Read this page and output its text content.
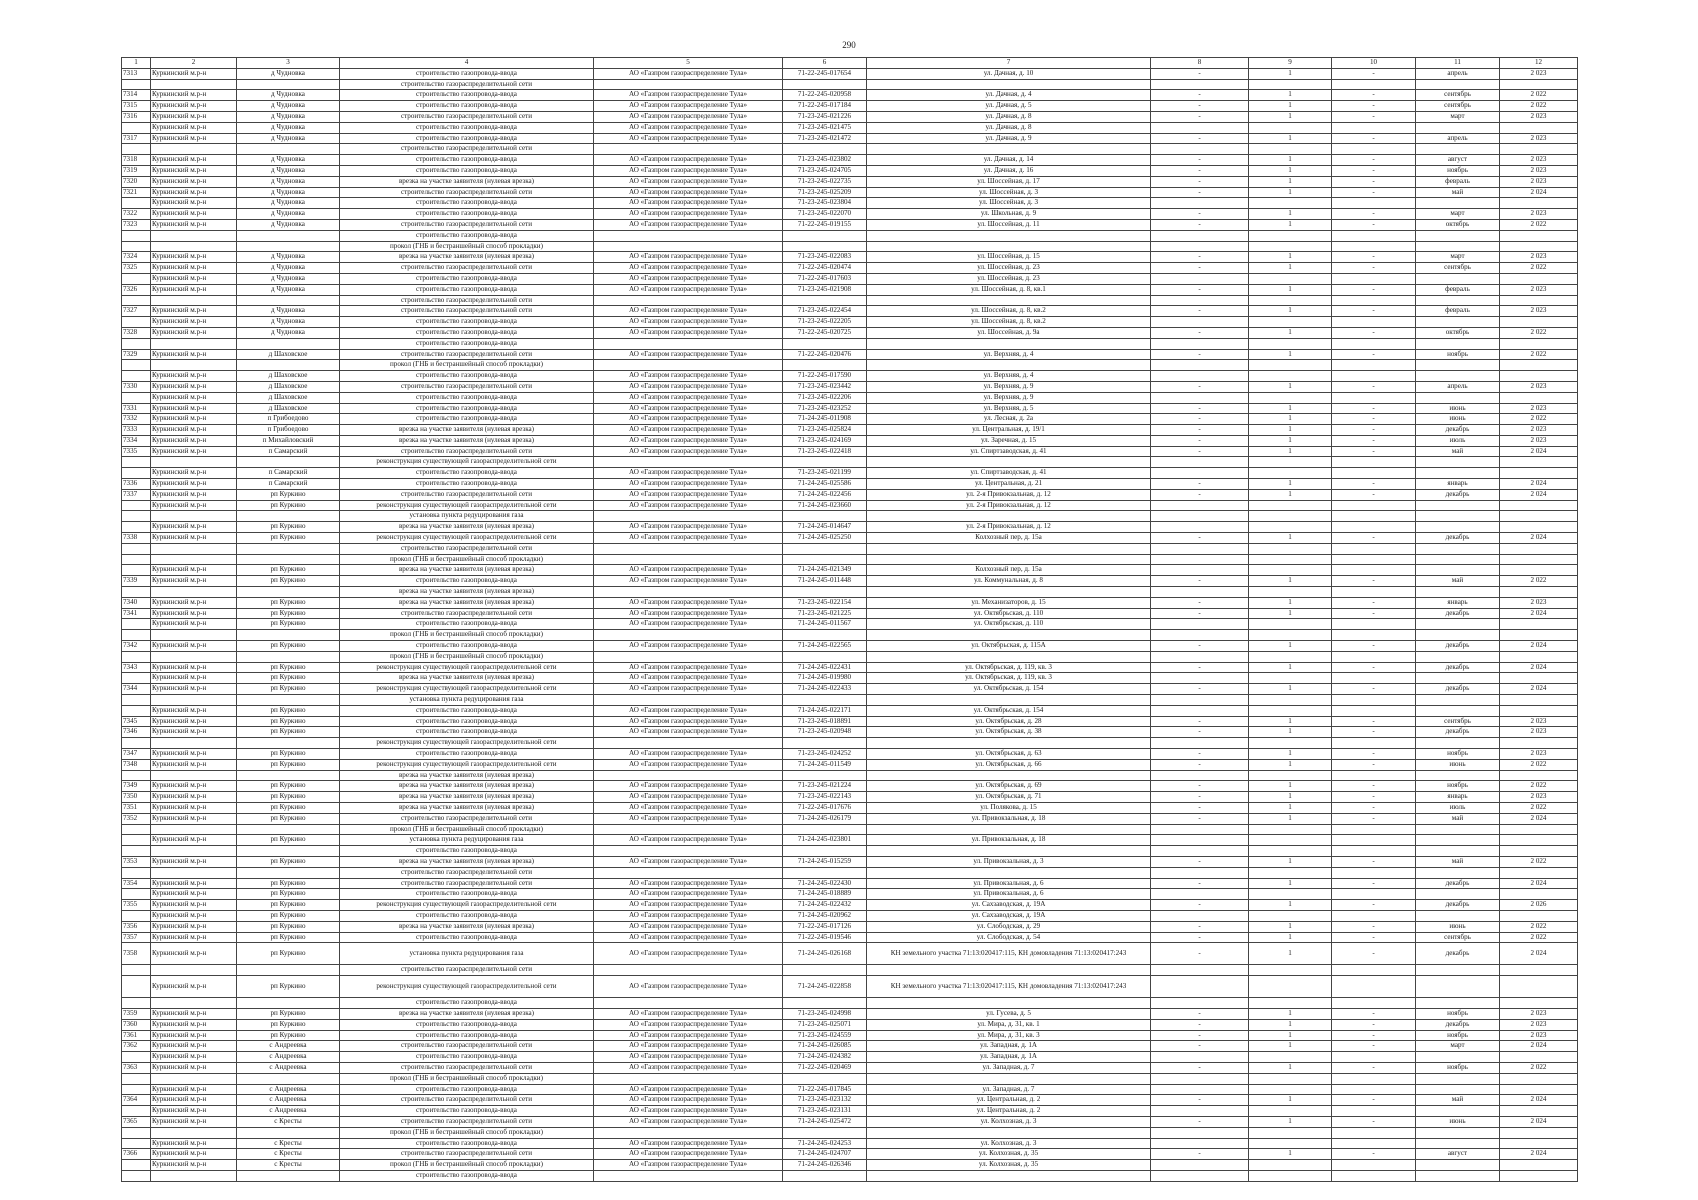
290
1	2	3	4	5	6	7	8	9	10	11	12
7313	Куркинский м.р-н	д Чудновка	строительство газопровода-ввода	АО «Газпром газораспределение Тула»	71-22-245-017654	ул. Дачная, д. 10	-	1	-	апрель	2 023
			строительство газораспределительной сети								
7314	Куркинский м.р-н	д Чудновка	строительство газопровода-ввода	АО «Газпром газораспределение Тула»	71-22-245-020958	ул. Дачная, д. 4	-	1	-	сентябрь	2 022
7315	Куркинский м.р-н	д Чудновка	строительство газопровода-ввода	АО «Газпром газораспределение Тула»	71-22-245-017184	ул. Дачная, д. 5	-	1	-	сентябрь	2 022
7316	Куркинский м.р-н	д Чудновка	строительство газораспределительной сети	АО «Газпром газораспределение Тула»	71-23-245-021226	ул. Дачная, д. 8	-	1	-	март	2 023
	Куркинский м.р-н	д Чудновка	строительство газопровода-ввода	АО «Газпром газораспределение Тула»	71-23-245-021475	ул. Дачная, д. 8					
7317	Куркинский м.р-н	д Чудновка	строительство газопровода-ввода	АО «Газпром газораспределение Тула»	71-23-245-021472	ул. Дачная, д. 9	-	1	-	апрель	2 023
			строительство газораспределительной сети								
7318	Куркинский м.р-н	д Чудновка	строительство газопровода-ввода	АО «Газпром газораспределение Тула»	71-23-245-023802	ул. Дачная, д. 14	-	1	-	август	2 023
7319	Куркинский м.р-н	д Чудновка	строительство газопровода-ввода	АО «Газпром газораспределение Тула»	71-23-245-024705	ул. Дачная, д. 16	-	1	-	ноябрь	2 023
7320	Куркинский м.р-н	д Чудновка	врезка на участке заявителя (нулевая врезка)	АО «Газпром газораспределение Тула»	71-23-245-022735	ул. Шоссейная, д. 17	-	1	-	февраль	2 023
7321	Куркинский м.р-н	д Чудновка	строительство газораспределительной сети	АО «Газпром газораспределение Тула»	71-23-245-025209	ул. Шоссейная, д. 3	-	1	-	май	2 024
	Куркинский м.р-н	д Чудновка	строительство газопровода-ввода	АО «Газпром газораспределение Тула»	71-23-245-023804	ул. Шоссейная, д. 3					
7322	Куркинский м.р-н	д Чудновка	строительство газопровода-ввода	АО «Газпром газораспределение Тула»	71-23-245-022070	ул. Школьная, д. 9	-	1	-	март	2 023
7323	Куркинский м.р-н	д Чудновка	строительство газораспределительной сети	АО «Газпром газораспределение Тула»	71-22-245-019155	ул. Шоссейная, д. 11	-	1	-	октябрь	2 022
			строительство газопровода-ввода								
			прокол (ГНБ и бестраншейный способ прокладки)								
7324	Куркинский м.р-н	д Чудновка	врезка на участке заявителя (нулевая врезка)	АО «Газпром газораспределение Тула»	71-23-245-022083	ул. Шоссейная, д. 15	-	1	-	март	2 023
7325	Куркинский м.р-н	д Чудновка	строительство газораспределительной сети	АО «Газпром газораспределение Тула»	71-22-245-020474	ул. Шоссейная, д. 23	-	1	-	сентябрь	2 022
	Куркинский м.р-н	д Чудновка	строительство газопровода-ввода	АО «Газпром газораспределение Тула»	71-22-245-017603	ул. Шоссейная, д. 23					
7326	Куркинский м.р-н	д Чудновка	строительство газопровода-ввода	АО «Газпром газораспределение Тула»	71-23-245-021908	ул. Шоссейная, д. 8, кв.1	-	1	-	февраль	2 023
			строительство газораспределительной сети								
7327	Куркинский м.р-н	д Чудновка	строительство газораспределительной сети	АО «Газпром газораспределение Тула»	71-23-245-022454	ул. Шоссейная, д. 8, кв.2	-	1	-	февраль	2 023
	Куркинский м.р-н	д Чудновка	строительство газопровода-ввода	АО «Газпром газораспределение Тула»	71-23-245-022205	ул. Шоссейная, д. 8, кв.2					
7328	Куркинский м.р-н	д Чудновка	строительство газопровода-ввода	АО «Газпром газораспределение Тула»	71-22-245-020725	ул. Шоссейная, д. 9а	-	1	-	октябрь	2 022
			строительство газопровода-ввода								
7329	Куркинский м.р-н	д Шаховское	строительство газораспределительной сети	АО «Газпром газораспределение Тула»	71-22-245-020476	ул. Верхняя, д. 4	-	1	-	ноябрь	2 022
			прокол (ГНБ и бестраншейный способ прокладки)								
	Куркинский м.р-н	д Шаховское	строительство газопровода-ввода	АО «Газпром газораспределение Тула»	71-22-245-017590	ул. Верхняя, д. 4					
7330	Куркинский м.р-н	д Шаховское	строительство газораспределительной сети	АО «Газпром газораспределение Тула»	71-23-245-023442	ул. Верхняя, д. 9	-	1	-	апрель	2 023
	Куркинский м.р-н	д Шаховское	строительство газопровода-ввода	АО «Газпром газораспределение Тула»	71-23-245-022206	ул. Верхняя, д. 9					
7331	Куркинский м.р-н	д Шаховское	строительство газопровода-ввода	АО «Газпром газораспределение Тула»	71-23-245-023252	ул. Верхняя, д. 5	-	1	-	июнь	2 023
7332	Куркинский м.р-н	п Грибоедово	строительство газопровода-ввода	АО «Газпром газораспределение Тула»	71-24-245-011908	ул. Лесная, д. 2а	-	1	-	июнь	2 022
7333	Куркинский м.р-н	п Грибоедово	врезка на участке заявителя (нулевая врезка)	АО «Газпром газораспределение Тула»	71-23-245-025824	ул. Центральная, д. 19/1	-	1	-	декабрь	2 023
7334	Куркинский м.р-н	п Михайловский	врезка на участке заявителя (нулевая врезка)	АО «Газпром газораспределение Тула»	71-23-245-024169	ул. Заречная, д. 15	-	1	-	июль	2 023
7335	Куркинский м.р-н	п Самарский	строительство газораспределительной сети	АО «Газпром газораспределение Тула»	71-23-245-022418	ул. Спиртзаводская, д. 41	-	1	-	май	2 024
			реконструкция существующей газораспределительной сети								
	Куркинский м.р-н	п Самарский	строительство газопровода-ввода	АО «Газпром газораспределение Тула»	71-23-245-021199	ул. Спиртзаводская, д. 41					
7336	Куркинский м.р-н	п Самарский	строительство газопровода-ввода	АО «Газпром газораспределение Тула»	71-24-245-025586	ул. Центральная, д. 21	-	1	-	январь	2 024
7337	Куркинский м.р-н	рп Куркино	строительство газораспределительной сети	АО «Газпром газораспределение Тула»	71-24-245-022456	ул. 2-я Привокзальная, д. 12	-	1	-	декабрь	2 024
	Куркинский м.р-н	рп Куркино	реконструкция существующей газораспределительной сети	АО «Газпром газораспределение Тула»	71-24-245-023660	ул. 2-я Привокзальная, д. 12					
			установка пункта редуцирования газа								
	Куркинский м.р-н	рп Куркино	врезка на участке заявителя (нулевая врезка)	АО «Газпром газораспределение Тула»	71-24-245-014647	ул. 2-я Привокзальная, д. 12					
7338	Куркинский м.р-н	рп Куркино	реконструкция существующей газораспределительной сети	АО «Газпром газораспределение Тула»	71-24-245-025250	Колхозный пер, д. 15а	-	1	-	декабрь	2 024
			строительство газораспределительной сети								
			прокол (ГНБ и бестраншейный способ прокладки)								
	Куркинский м.р-н	рп Куркино	врезка на участке заявителя (нулевая врезка)	АО «Газпром газораспределение Тула»	71-24-245-021349	Колхозный пер, д. 15а					
7339	Куркинский м.р-н	рп Куркино	строительство газопровода-ввода	АО «Газпром газораспределение Тула»	71-24-245-011448	ул. Коммунальная, д. 8	-	1	-	май	2 022
			врезка на участке заявителя (нулевая врезка)								
7340	Куркинский м.р-н	рп Куркино	врезка на участке заявителя (нулевая врезка)	АО «Газпром газораспределение Тула»	71-23-245-022154	ул. Механизаторов, д. 15	-	1	-	январь	2 023
7341	Куркинский м.р-н	рп Куркино	строительство газораспределительной сети	АО «Газпром газораспределение Тула»	71-23-245-021225	ул. Октябрьская, д. 110	-	1	-	декабрь	2 024
	Куркинский м.р-н	рп Куркино	строительство газопровода-ввода	АО «Газпром газораспределение Тула»	71-24-245-011567	ул. Октябрьская, д. 110					
			прокол (ГНБ и бестраншейный способ прокладки)								
7342	Куркинский м.р-н	рп Куркино	строительство газопровода-ввода	АО «Газпром газораспределение Тула»	71-24-245-022565	ул. Октябрьская, д. 115А	-	1	-	декабрь	2 024
			прокол (ГНБ и бестраншейный способ прокладки)								
7343	Куркинский м.р-н	рп Куркино	реконструкция существующей газораспределительной сети	АО «Газпром газораспределение Тула»	71-24-245-022431	ул. Октябрьская, д. 119, кв. 3	-	1	-	декабрь	2 024
	Куркинский м.р-н	рп Куркино	врезка на участке заявителя (нулевая врезка)	АО «Газпром газораспределение Тула»	71-24-245-019980	ул. Октябрьская, д. 119, кв. 3					
7344	Куркинский м.р-н	рп Куркино	реконструкция существующей газораспределительной сети	АО «Газпром газораспределение Тула»	71-24-245-022433	ул. Октябрьская, д. 154	-	1	-	декабрь	2 024
			установка пункта редуцирования газа								
	Куркинский м.р-н	рп Куркино	строительство газопровода-ввода	АО «Газпром газораспределение Тула»	71-24-245-022171	ул. Октябрьская, д. 154					
7345	Куркинский м.р-н	рп Куркино	строительство газопровода-ввода	АО «Газпром газораспределение Тула»	71-23-245-018891	ул. Октябрьская, д. 28	-	1	-	сентябрь	2 023
7346	Куркинский м.р-н	рп Куркино	строительство газопровода-ввода	АО «Газпром газораспределение Тула»	71-23-245-020948	ул. Октябрьская, д. 38	-	1	-	декабрь	2 023
			реконструкция существующей газораспределительной сети								
7347	Куркинский м.р-н	рп Куркино	строительство газопровода-ввода	АО «Газпром газораспределение Тула»	71-23-245-024252	ул. Октябрьская, д. 63	-	1	-	ноябрь	2 023
7348	Куркинский м.р-н	рп Куркино	реконструкция существующей газораспределительной сети	АО «Газпром газораспределение Тула»	71-24-245-011549	ул. Октябрьская, д. 66	-	1	-	июнь	2 022
			врезка на участке заявителя (нулевая врезка)								
7349	Куркинский м.р-н	рп Куркино	врезка на участке заявителя (нулевая врезка)	АО «Газпром газораспределение Тула»	71-23-245-021224	ул. Октябрьская, д. 69	-	1	-	ноябрь	2 022
7350	Куркинский м.р-н	рп Куркино	врезка на участке заявителя (нулевая врезка)	АО «Газпром газораспределение Тула»	71-23-245-022143	ул. Октябрьская, д. 71	-	1	-	январь	2 023
7351	Куркинский м.р-н	рп Куркино	врезка на участке заявителя (нулевая врезка)	АО «Газпром газораспределение Тула»	71-22-245-017676	ул. Полякова, д. 15	-	1	-	июль	2 022
7352	Куркинский м.р-н	рп Куркино	строительство газораспределительной сети	АО «Газпром газораспределение Тула»	71-24-245-026179	ул. Привокзальная, д. 18	-	1	-	май	2 024
			прокол (ГНБ и бестраншейный способ прокладки)								
	Куркинский м.р-н	рп Куркино	установка пункта редуцирования газа	АО «Газпром газораспределение Тула»	71-24-245-023801	ул. Привокзальная, д. 18					
			строительство газопровода-ввода								
7353	Куркинский м.р-н	рп Куркино	врезка на участке заявителя (нулевая врезка)	АО «Газпром газораспределение Тула»	71-24-245-015259	ул. Привокзальная, д. 3	-	1	-	май	2 022
			строительство газораспределительной сети								
7354	Куркинский м.р-н	рп Куркино	строительство газораспределительной сети	АО «Газпром газораспределение Тула»	71-24-245-022430	ул. Привокзальная, д. 6	-	1	-	декабрь	2 024
	Куркинский м.р-н	рп Куркино	строительство газопровода-ввода	АО «Газпром газораспределение Тула»	71-24-245-018889	ул. Привокзальная, д. 6					
7355	Куркинский м.р-н	рп Куркино	реконструкция существующей газораспределительной сети	АО «Газпром газораспределение Тула»	71-24-245-022432	ул. Сахзаводская, д. 19А	-	1	-	декабрь	2 026
	Куркинский м.р-н	рп Куркино	строительство газопровода-ввода	АО «Газпром газораспределение Тула»	71-24-245-020962	ул. Сахзаводская, д. 19А					
7356	Куркинский м.р-н	рп Куркино	врезка на участке заявителя (нулевая врезка)	АО «Газпром газораспределение Тула»	71-22-245-017126	ул. Слободская, д. 29	-	1	-	июнь	2 022
7357	Куркинский м.р-н	рп Куркино	строительство газопровода-ввода	АО «Газпром газораспределение Тула»	71-22-245-019546	ул. Слободская, д. 54	-	1	-	сентябрь	2 022
7358	Куркинский м.р-н	рп Куркино	установка пункта редуцирования газа	АО «Газпром газораспределение Тула»	71-24-245-026168	КН земельного участка 71:13:020417:115, КН домовладения 71:13:020417:243	-	1	-	декабрь	2 024
			строительство газораспределительной сети								
	Куркинский м.р-н	рп Куркино	реконструкция существующей газораспределительной сети	АО «Газпром газораспределение Тула»	71-24-245-022858	КН земельного участка 71:13:020417:115, КН домовладения 71:13:020417:243					
			строительство газопровода-ввода								
7359	Куркинский м.р-н	рп Куркино	врезка на участке заявителя (нулевая врезка)	АО «Газпром газораспределение Тула»	71-23-245-024998	ул. Гусева, д. 5	-	1	-	ноябрь	2 023
7360	Куркинский м.р-н	рп Куркино	строительство газопровода-ввода	АО «Газпром газораспределение Тула»	71-23-245-025071	ул. Мира, д. 31, кв. 1	-	1	-	декабрь	2 023
7361	Куркинский м.р-н	рп Куркино	строительство газопровода-ввода	АО «Газпром газораспределение Тула»	71-23-245-024559	ул. Мира, д. 31, кв. 3	-	1	-	ноябрь	2 023
7362	Куркинский м.р-н	с Андреевка	строительство газораспределительной сети	АО «Газпром газораспределение Тула»	71-24-245-026085	ул. Западная, д. 1А	-	1	-	март	2 024
	Куркинский м.р-н	с Андреевка	строительство газопровода-ввода	АО «Газпром газораспределение Тула»	71-24-245-024382	ул. Западная, д. 1А					
7363	Куркинский м.р-н	с Андреевка	строительство газораспределительной сети	АО «Газпром газораспределение Тула»	71-22-245-020469	ул. Западная, д. 7	-	1	-	ноябрь	2 022
			прокол (ГНБ и бестраншейный способ прокладки)								
	Куркинский м.р-н	с Андреевка	строительство газопровода-ввода	АО «Газпром газораспределение Тула»	71-22-245-017845	ул. Западная, д. 7					
7364	Куркинский м.р-н	с Андреевка	строительство газораспределительной сети	АО «Газпром газораспределение Тула»	71-23-245-023132	ул. Центральная, д. 2	-	1	-	май	2 024
	Куркинский м.р-н	с Андреевка	строительство газопровода-ввода	АО «Газпром газораспределение Тула»	71-23-245-023131	ул. Центральная, д. 2					
7365	Куркинский м.р-н	с Кресты	строительство газораспределительной сети	АО «Газпром газораспределение Тула»	71-24-245-025472	ул. Колхозная, д. 3	-	1	-	июнь	2 024
			прокол (ГНБ и бестраншейный способ прокладки)								
	Куркинский м.р-н	с Кресты	строительство газопровода-ввода	АО «Газпром газораспределение Тула»	71-24-245-024253	ул. Колхозная, д. 3					
7366	Куркинский м.р-н	с Кресты	строительство газораспределительной сети	АО «Газпром газораспределение Тула»	71-24-245-024707	ул. Колхозная, д. 35	-	1	-	август	2 024
	Куркинский м.р-н	с Кресты	прокол (ГНБ и бестраншейный способ прокладки)	АО «Газпром газораспределение Тула»	71-24-245-026346	ул. Колхозная, д. 35					
			строительство газопровода-ввода								
